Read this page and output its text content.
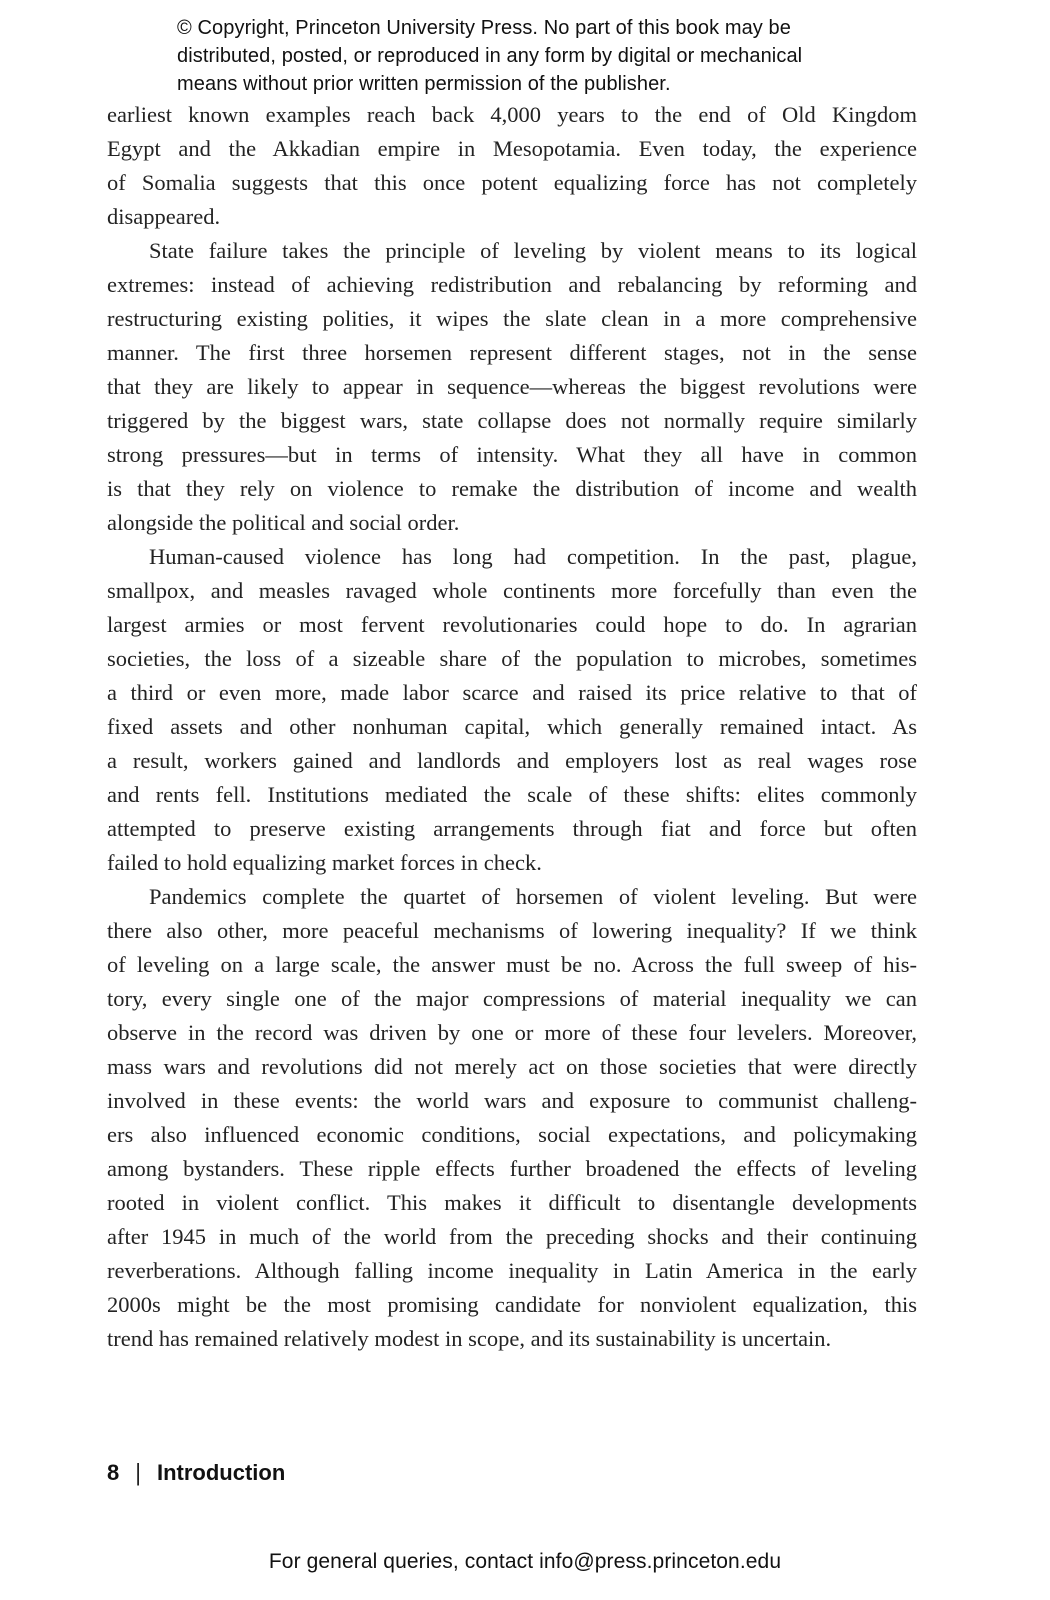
© Copyright, Princeton University Press. No part of this book may be
distributed, posted, or reproduced in any form by digital or mechanical
means without prior written permission of the publisher.
earliest known examples reach back 4,000 years to the end of Old Kingdom
Egypt and the Akkadian empire in Mesopotamia. Even today, the experience
of Somalia suggests that this once potent equalizing force has not completely
disappeared.
State failure takes the principle of leveling by violent means to its logical
extremes: instead of achieving redistribution and rebalancing by reforming and
restructuring existing polities, it wipes the slate clean in a more comprehensive
manner. The first three horsemen represent different stages, not in the sense
that they are likely to appear in sequence—whereas the biggest revolutions were
triggered by the biggest wars, state collapse does not normally require similarly
strong pressures—but in terms of intensity. What they all have in common
is that they rely on violence to remake the distribution of income and wealth
alongside the political and social order.
Human-caused violence has long had competition. In the past, plague,
smallpox, and measles ravaged whole continents more forcefully than even the
largest armies or most fervent revolutionaries could hope to do. In agrarian
societies, the loss of a sizeable share of the population to microbes, sometimes
a third or even more, made labor scarce and raised its price relative to that of
fixed assets and other nonhuman capital, which generally remained intact. As
a result, workers gained and landlords and employers lost as real wages rose
and rents fell. Institutions mediated the scale of these shifts: elites commonly
attempted to preserve existing arrangements through fiat and force but often
failed to hold equalizing market forces in check.
Pandemics complete the quartet of horsemen of violent leveling. But were
there also other, more peaceful mechanisms of lowering inequality? If we think
of leveling on a large scale, the answer must be no. Across the full sweep of his-
tory, every single one of the major compressions of material inequality we can
observe in the record was driven by one or more of these four levelers. Moreover,
mass wars and revolutions did not merely act on those societies that were directly
involved in these events: the world wars and exposure to communist challeng-
ers also influenced economic conditions, social expectations, and policymaking
among bystanders. These ripple effects further broadened the effects of leveling
rooted in violent conflict. This makes it difficult to disentangle developments
after 1945 in much of the world from the preceding shocks and their continuing
reverberations. Although falling income inequality in Latin America in the early
2000s might be the most promising candidate for nonviolent equalization, this
trend has remained relatively modest in scope, and its sustainability is uncertain.
8 | Introduction
For general queries, contact info@press.princeton.edu
